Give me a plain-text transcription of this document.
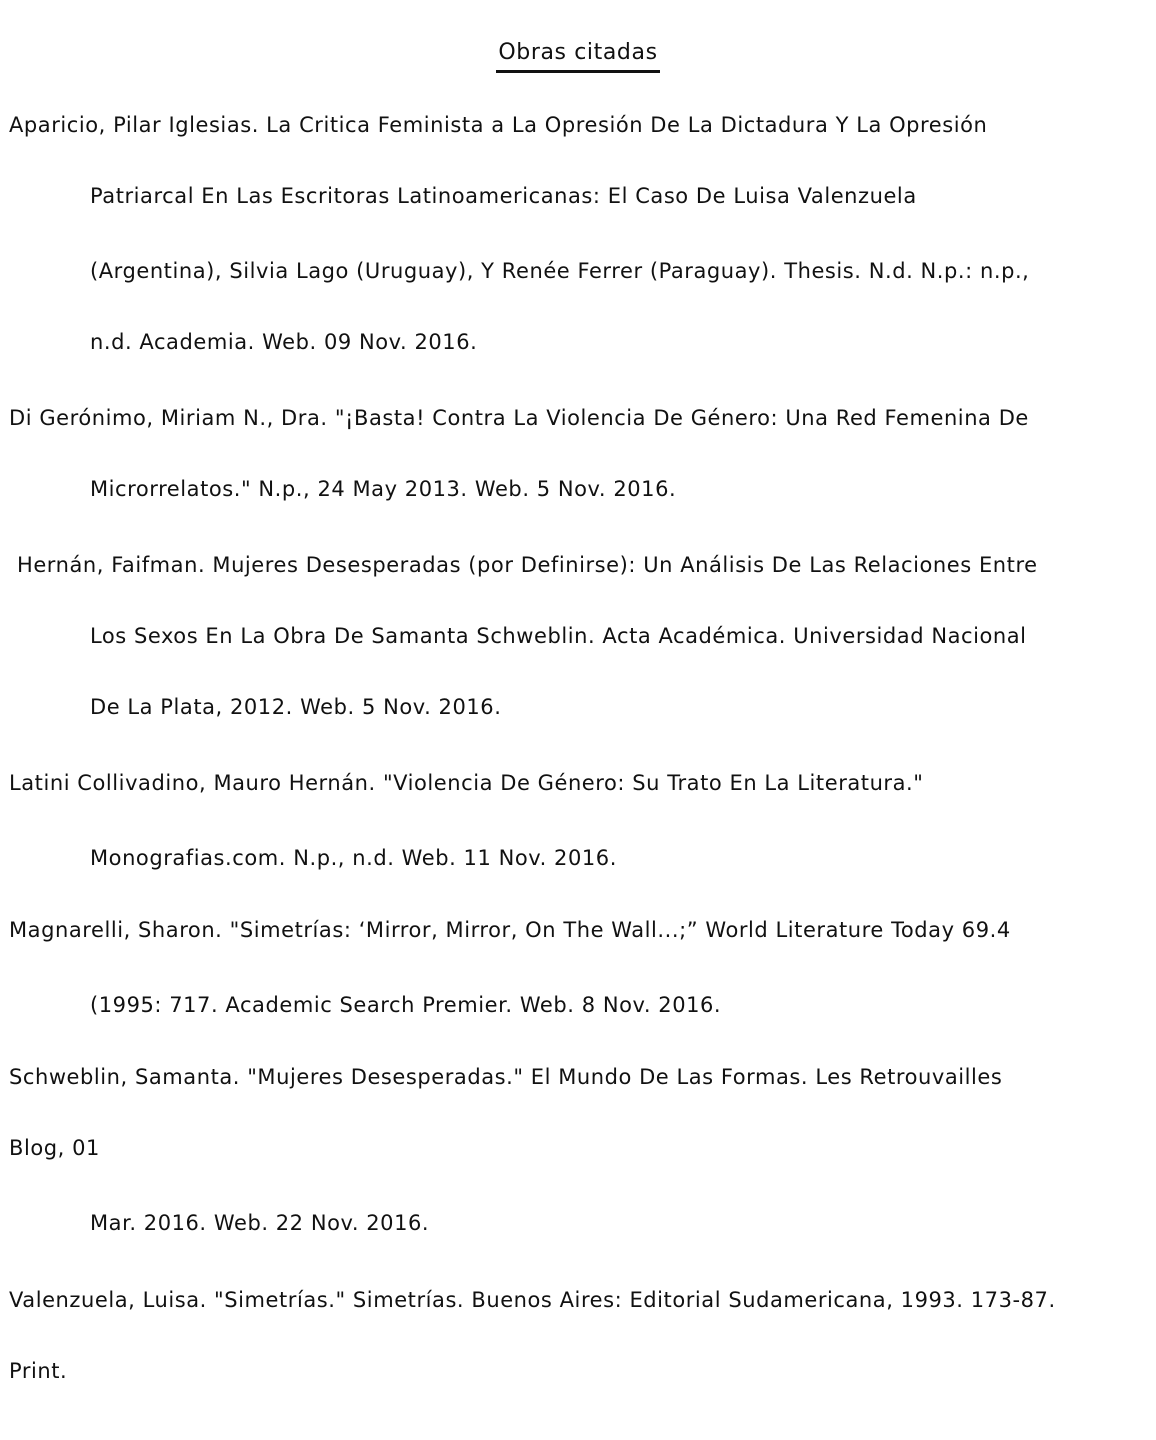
Obras citadas
Aparicio, Pilar Iglesias. La Critica Feminista a La Opresión De La Dictadura Y La Opresión
Patriarcal En Las Escritoras Latinoamericanas: El Caso De Luisa Valenzuela
(Argentina), Silvia Lago (Uruguay), Y Renée Ferrer (Paraguay). Thesis. N.d. N.p.: n.p.,
n.d. Academia. Web. 09 Nov. 2016.
Di Gerónimo, Miriam N., Dra. "¡Basta! Contra La Violencia De Género: Una Red Femenina De
Microrrelatos." N.p., 24 May 2013. Web. 5 Nov. 2016.
Hernán, Faifman. Mujeres Desesperadas (por Definirse): Un Análisis De Las Relaciones Entre
Los Sexos En La Obra De Samanta Schweblin. Acta Académica. Universidad Nacional
De La Plata, 2012. Web. 5 Nov. 2016.
Latini Collivadino, Mauro Hernán. "Violencia De Género: Su Trato En La Literatura."
Monografias.com. N.p., n.d. Web. 11 Nov. 2016.
Magnarelli, Sharon. "Simetrías: ‘Mirror, Mirror, On The Wall...;” World Literature Today 69.4
(1995: 717. Academic Search Premier. Web. 8 Nov. 2016.
Schweblin, Samanta. "Mujeres Desesperadas." El Mundo De Las Formas. Les Retrouvailles
Blog, 01
Mar. 2016. Web. 22 Nov. 2016.
Valenzuela, Luisa. "Simetrías." Simetrías. Buenos Aires: Editorial Sudamericana, 1993. 173-87.
Print.
